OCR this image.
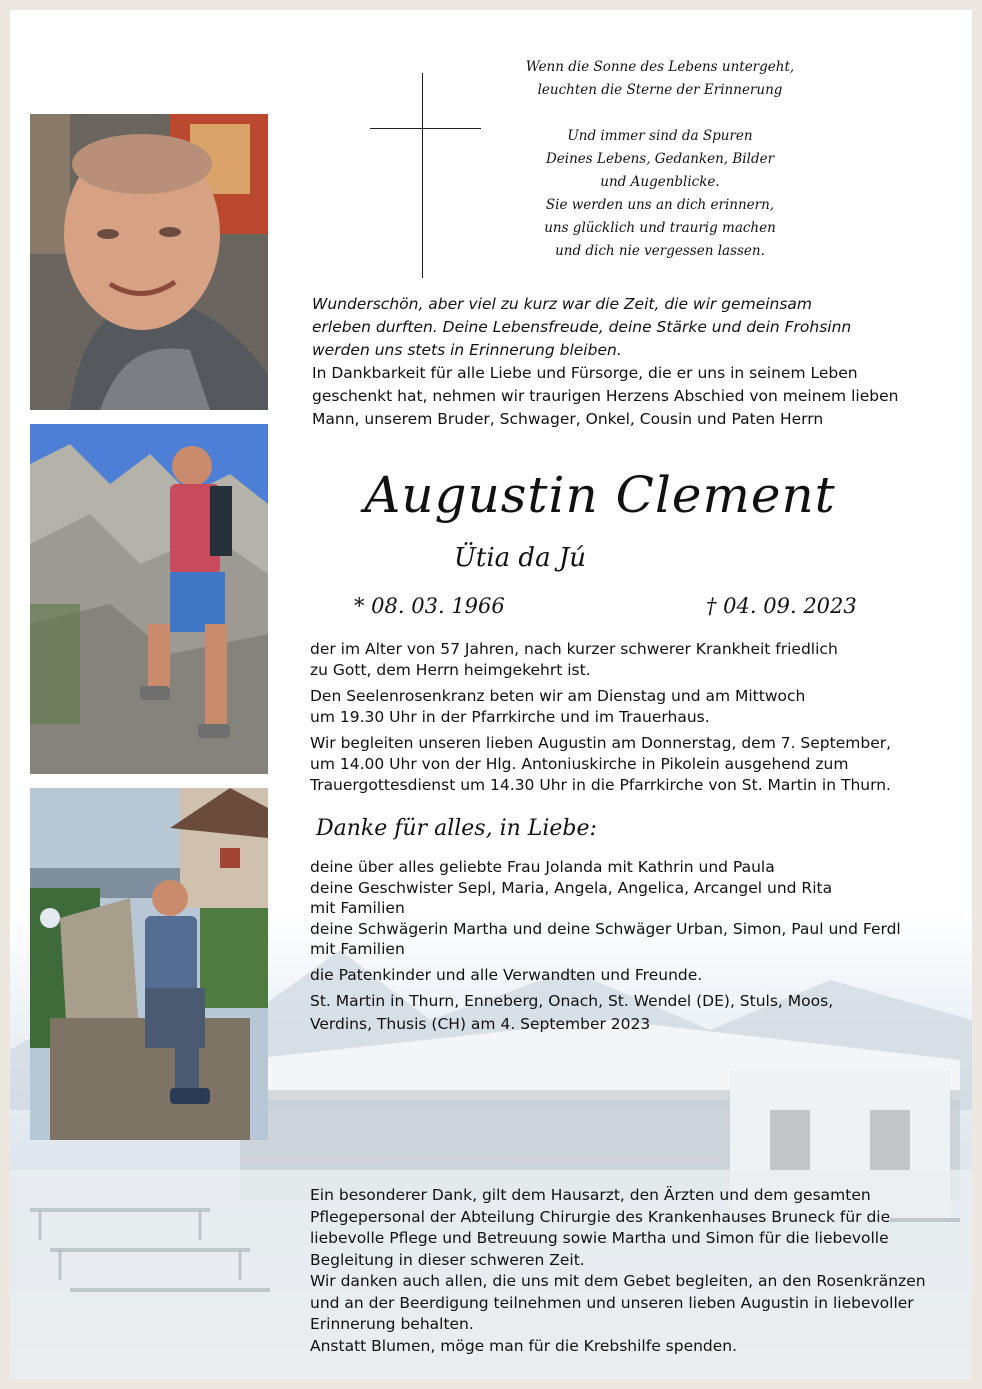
Wenn die Sonne des Lebens untergeht,

leuchten die Sterne der Erinnerung

Und immer sind da Spuren

Deines Lebens, Gedanken, Bilder

und Augenblicke.

Sie werden uns an dich erinnern,

uns glücklich und traurig machen

und dich nie vergessen lassen.

Wunderschön, aber viel zu kurz war die Zeit, die wir gemeinsam

erleben durften. Deine Lebensfreude, deine Stärke und dein Frohsinn

werden uns stets in Erinnerung bleiben.

In Dankbarkeit für alle Liebe und Fürsorge, die er uns in seinem Leben

geschenkt hat, nehmen wir traurigen Herzens Abschied von meinem lieben

Mann, unserem Bruder, Schwager, Onkel, Cousin und Paten Herrn

Augustin Clement
Ütia da Jú
* 08. 03. 1966	† 04. 09. 2023

der im Alter von 57 Jahren, nach kurzer schwerer Krankheit friedlich

zu Gott, dem Herrn heimgekehrt ist.

Den Seelenrosenkranz beten wir am Dienstag und am Mittwoch

um 19.30 Uhr in der Pfarrkirche und im Trauerhaus.

Wir begleiten unseren lieben Augustin am Donnerstag, dem 7. September,

um 14.00 Uhr von der Hlg. Antoniuskirche in Pikolein ausgehend zum

Trauergottesdienst um 14.30 Uhr in die Pfarrkirche von St. Martin in Thurn.

Danke für alles, in Liebe:

deine über alles geliebte Frau Jolanda mit Kathrin und Paula

deine Geschwister Sepl, Maria, Angela, Angelica, Arcangel und Rita

mit Familien

deine Schwägerin Martha und deine Schwäger Urban, Simon, Paul und Ferdl

mit Familien

die Patenkinder und alle Verwandten und Freunde.

St. Martin in Thurn, Enneberg, Onach, St. Wendel (DE), Stuls, Moos,

Verdins, Thusis (CH) am 4. September 2023

Ein besonderer Dank, gilt dem Hausarzt, den Ärzten und dem gesamten

Pflegepersonal der Abteilung Chirurgie des Krankenhauses Bruneck für die

liebevolle Pflege und Betreuung sowie Martha und Simon für die liebevolle

Begleitung in dieser schweren Zeit.

Wir danken auch allen, die uns mit dem Gebet begleiten, an den Rosenkränzen

und an der Beerdigung teilnehmen und unseren lieben Augustin in liebevoller

Erinnerung behalten.

Anstatt Blumen, möge man für die Krebshilfe spenden.
